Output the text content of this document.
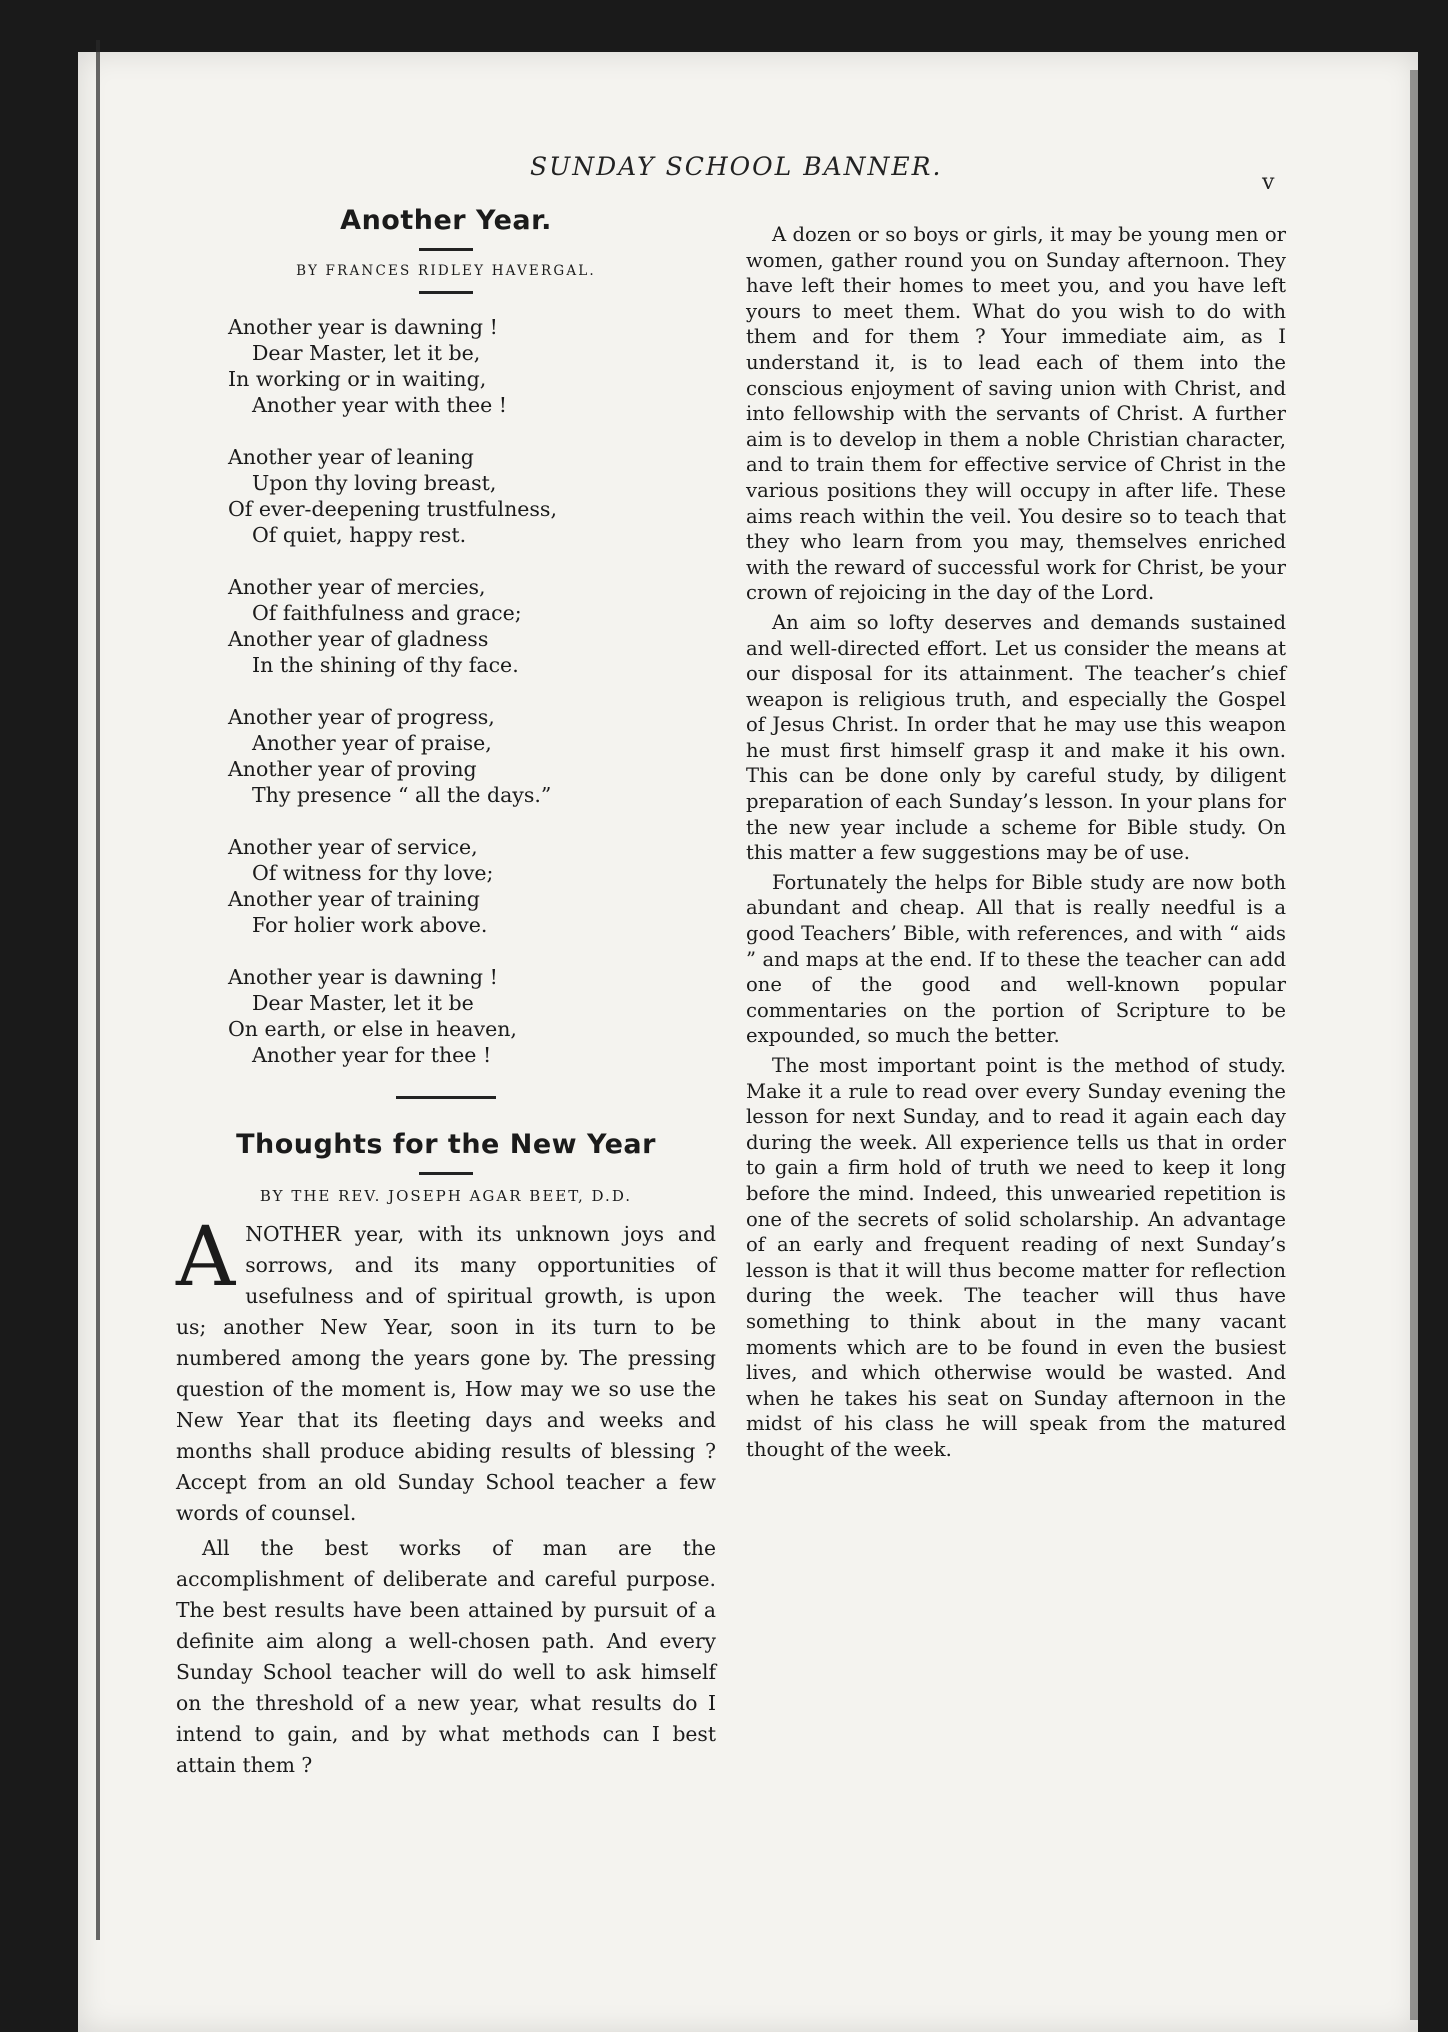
SUNDAY SCHOOL BANNER.
v
Another Year.

BY FRANCES RIDLEY HAVERGAL.

Another year is dawning !
Dear Master, let it be,
In working or in waiting,
Another year with thee !
Another year of leaning
Upon thy loving breast,
Of ever-deepening trustfulness,
Of quiet, happy rest.
Another year of mercies,
Of faithfulness and grace;
Another year of gladness
In the shining of thy face.
Another year of progress,
Another year of praise,
Another year of proving
Thy presence “ all the days.”
Another year of service,
Of witness for thy love;
Another year of training
For holier work above.
Another year is dawning !
Dear Master, let it be
On earth, or else in heaven,
Another year for thee !
Thoughts for the New Year

BY THE REV. JOSEPH AGAR BEET, D.D.

ANOTHER year, with its unknown joys and sorrows, and its many opportunities of usefulness and of spiritual growth, is upon us; another New Year, soon in its turn to be numbered among the years gone by. The pressing question of the moment is, How may we so use the New Year that its fleeting days and weeks and months shall produce abiding results of blessing ? Accept from an old Sunday School teacher a few words of counsel.

All the best works of man are the accomplishment of deliberate and careful purpose. The best results have been attained by pursuit of a definite aim along a well-chosen path. And every Sunday School teacher will do well to ask himself on the threshold of a new year, what results do I intend to gain, and by what methods can I best attain them ?

A dozen or so boys or girls, it may be young men or women, gather round you on Sunday afternoon. They have left their homes to meet you, and you have left yours to meet them. What do you wish to do with them and for them ? Your immediate aim, as I understand it, is to lead each of them into the conscious enjoyment of saving union with Christ, and into fellowship with the servants of Christ. A further aim is to develop in them a noble Christian character, and to train them for effective service of Christ in the various positions they will occupy in after life. These aims reach within the veil. You desire so to teach that they who learn from you may, themselves enriched with the reward of successful work for Christ, be your crown of rejoicing in the day of the Lord.

An aim so lofty deserves and demands sustained and well-directed effort. Let us consider the means at our disposal for its attainment. The teacher’s chief weapon is religious truth, and especially the Gospel of Jesus Christ. In order that he may use this weapon he must first himself grasp it and make it his own. This can be done only by careful study, by diligent preparation of each Sunday’s lesson. In your plans for the new year include a scheme for Bible study. On this matter a few suggestions may be of use.

Fortunately the helps for Bible study are now both abundant and cheap. All that is really needful is a good Teachers’ Bible, with references, and with “ aids ” and maps at the end. If to these the teacher can add one of the good and well-known popular commentaries on the portion of Scripture to be expounded, so much the better.

The most important point is the method of study. Make it a rule to read over every Sunday evening the lesson for next Sunday, and to read it again each day during the week. All experience tells us that in order to gain a firm hold of truth we need to keep it long before the mind. Indeed, this unwearied repetition is one of the secrets of solid scholarship. An advantage of an early and frequent reading of next Sunday’s lesson is that it will thus become matter for reflection during the week. The teacher will thus have something to think about in the many vacant moments which are to be found in even the busiest lives, and which otherwise would be wasted. And when he takes his seat on Sunday afternoon in the midst of his class he will speak from the matured thought of the week.
